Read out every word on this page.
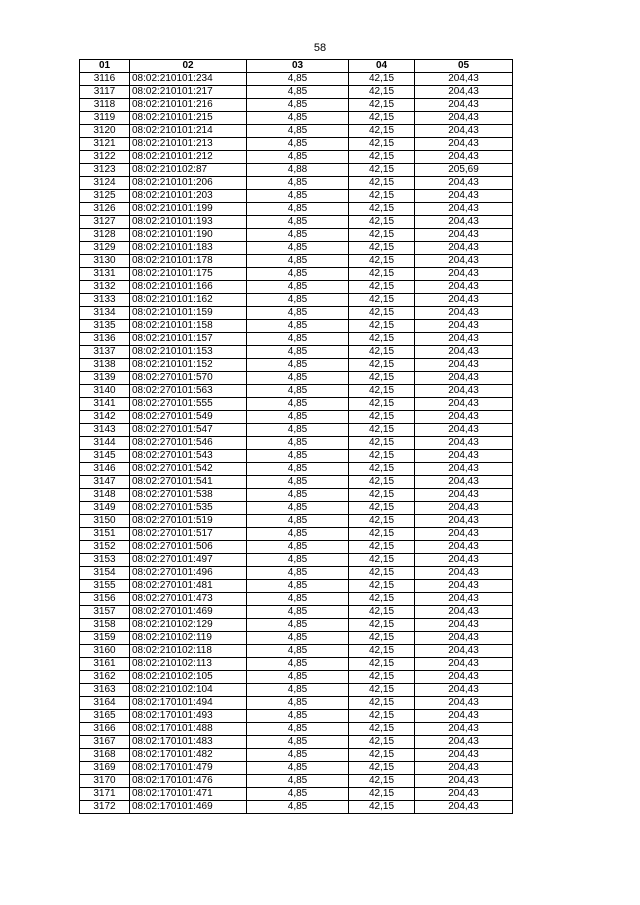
58
01	02	03	04	05
3116	08:02:210101:234	4,85	42,15	204,43
3117	08:02:210101:217	4,85	42,15	204,43
3118	08:02:210101:216	4,85	42,15	204,43
3119	08:02:210101:215	4,85	42,15	204,43
3120	08:02:210101:214	4,85	42,15	204,43
3121	08:02:210101:213	4,85	42,15	204,43
3122	08:02:210101:212	4,85	42,15	204,43
3123	08:02:210102:87	4,88	42,15	205,69
3124	08:02:210101:206	4,85	42,15	204,43
3125	08:02:210101:203	4,85	42,15	204,43
3126	08:02:210101:199	4,85	42,15	204,43
3127	08:02:210101:193	4,85	42,15	204,43
3128	08:02:210101:190	4,85	42,15	204,43
3129	08:02:210101:183	4,85	42,15	204,43
3130	08:02:210101:178	4,85	42,15	204,43
3131	08:02:210101:175	4,85	42,15	204,43
3132	08:02:210101:166	4,85	42,15	204,43
3133	08:02:210101:162	4,85	42,15	204,43
3134	08:02:210101:159	4,85	42,15	204,43
3135	08:02:210101:158	4,85	42,15	204,43
3136	08:02:210101:157	4,85	42,15	204,43
3137	08:02:210101:153	4,85	42,15	204,43
3138	08:02:210101:152	4,85	42,15	204,43
3139	08:02:270101:570	4,85	42,15	204,43
3140	08:02:270101:563	4,85	42,15	204,43
3141	08:02:270101:555	4,85	42,15	204,43
3142	08:02:270101:549	4,85	42,15	204,43
3143	08:02:270101:547	4,85	42,15	204,43
3144	08:02:270101:546	4,85	42,15	204,43
3145	08:02:270101:543	4,85	42,15	204,43
3146	08:02:270101:542	4,85	42,15	204,43
3147	08:02:270101:541	4,85	42,15	204,43
3148	08:02:270101:538	4,85	42,15	204,43
3149	08:02:270101:535	4,85	42,15	204,43
3150	08:02:270101:519	4,85	42,15	204,43
3151	08:02:270101:517	4,85	42,15	204,43
3152	08:02:270101:506	4,85	42,15	204,43
3153	08:02:270101:497	4,85	42,15	204,43
3154	08:02:270101:496	4,85	42,15	204,43
3155	08:02:270101:481	4,85	42,15	204,43
3156	08:02:270101:473	4,85	42,15	204,43
3157	08:02:270101:469	4,85	42,15	204,43
3158	08:02:210102:129	4,85	42,15	204,43
3159	08:02:210102:119	4,85	42,15	204,43
3160	08:02:210102:118	4,85	42,15	204,43
3161	08:02:210102:113	4,85	42,15	204,43
3162	08:02:210102:105	4,85	42,15	204,43
3163	08:02:210102:104	4,85	42,15	204,43
3164	08:02:170101:494	4,85	42,15	204,43
3165	08:02:170101:493	4,85	42,15	204,43
3166	08:02:170101:488	4,85	42,15	204,43
3167	08:02:170101:483	4,85	42,15	204,43
3168	08:02:170101:482	4,85	42,15	204,43
3169	08:02:170101:479	4,85	42,15	204,43
3170	08:02:170101:476	4,85	42,15	204,43
3171	08:02:170101:471	4,85	42,15	204,43
3172	08:02:170101:469	4,85	42,15	204,43
